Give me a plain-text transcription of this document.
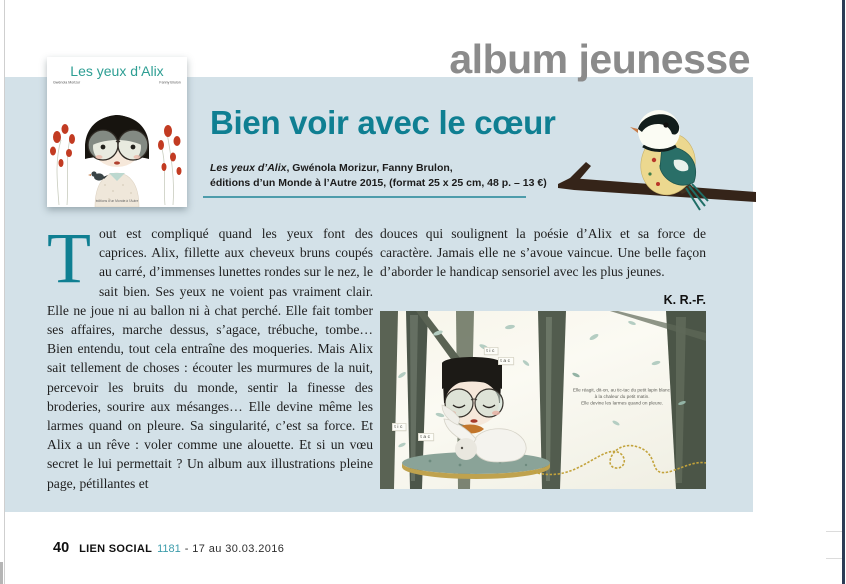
album jeunesse
Les yeux d’Alix
Gwénola Morizur	Fanny Brulon
éditions d’un Monde à l’Autre
Bien voir avec le cœur
Les yeux d’Alix, Gwénola Morizur, Fanny Brulon,
éditions d’un Monde à l’Autre 2015, (format 25 x 25 cm, 48 p. – 13 €)
Tout est compliqué quand les yeux font des caprices. Alix, fillette aux cheveux bruns coupés au carré, d’immenses lunettes rondes sur le nez, le sait bien. Ses yeux ne voient pas vraiment clair. Elle ne joue ni au ballon ni à chat perché. Elle fait tomber ses affaires, marche dessus, s’agace, trébuche, tombe… Bien entendu, tout cela entraîne des moqueries. Mais Alix sait tellement de choses : écouter les murmures de la nuit, percevoir les bruits du monde, sentir la finesse des broderies, sourire aux mésanges… Elle devine même les larmes quand on pleure. Sa singularité, c’est sa force. Et Alix a un rêve : voler comme une alouette. Et si un vœu secret le lui permettait ? Un album aux illustrations pleine page, pétillantes et
douces qui soulignent la poésie d’Alix et sa force de caractère. Jamais elle ne s’avoue vaincue. Une belle façon d’aborder le handicap sensoriel avec les plus jeunes.
K. R.-F.
Elle réagit, dit-on, au tic-tac du petit lapin blanc,
à la chaleur du petit matin.
Elle devine les larmes quand on pleure.
tic
tac
tic
tac
40 LIEN SOCIAL 1181 - 17 au 30.03.2016
